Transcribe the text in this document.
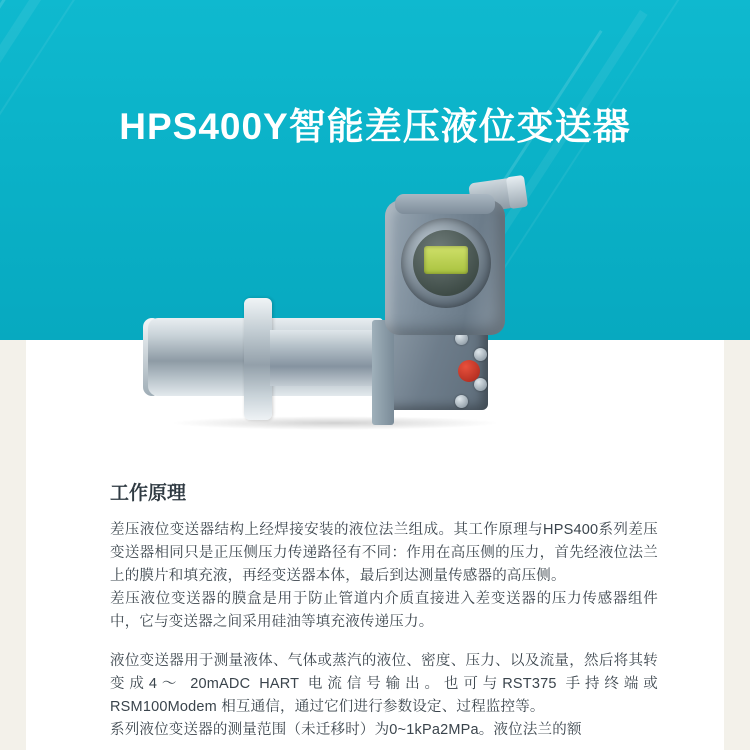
HPS400Y智能差压液位变送器
工作原理

差压液位变送器结构上经焊接安装的液位法兰组成。其工作原理与HPS400系列差压变送器相同只是正压侧压力传递路径有不同：作用在高压侧的压力，首先经液位法兰上的膜片和填充液，再经变送器本体，最后到达测量传感器的高压侧。

差压液位变送器的膜盒是用于防止管道内介质直接进入差变送器的压力传感器组件中，它与变送器之间采用硅油等填充液传递压力。

液位变送器用于测量液体、气体或蒸汽的液位、密度、压力、以及流量，然后将其转变成4～ 20mADC HART 电流信号输出。也可与RST375 手持终端或RSM100Modem 相互通信，通过它们进行参数设定、过程监控等。

系列液位变送器的测量范围（未迁移时）为0~1kPa2MPa。液位法兰的额
